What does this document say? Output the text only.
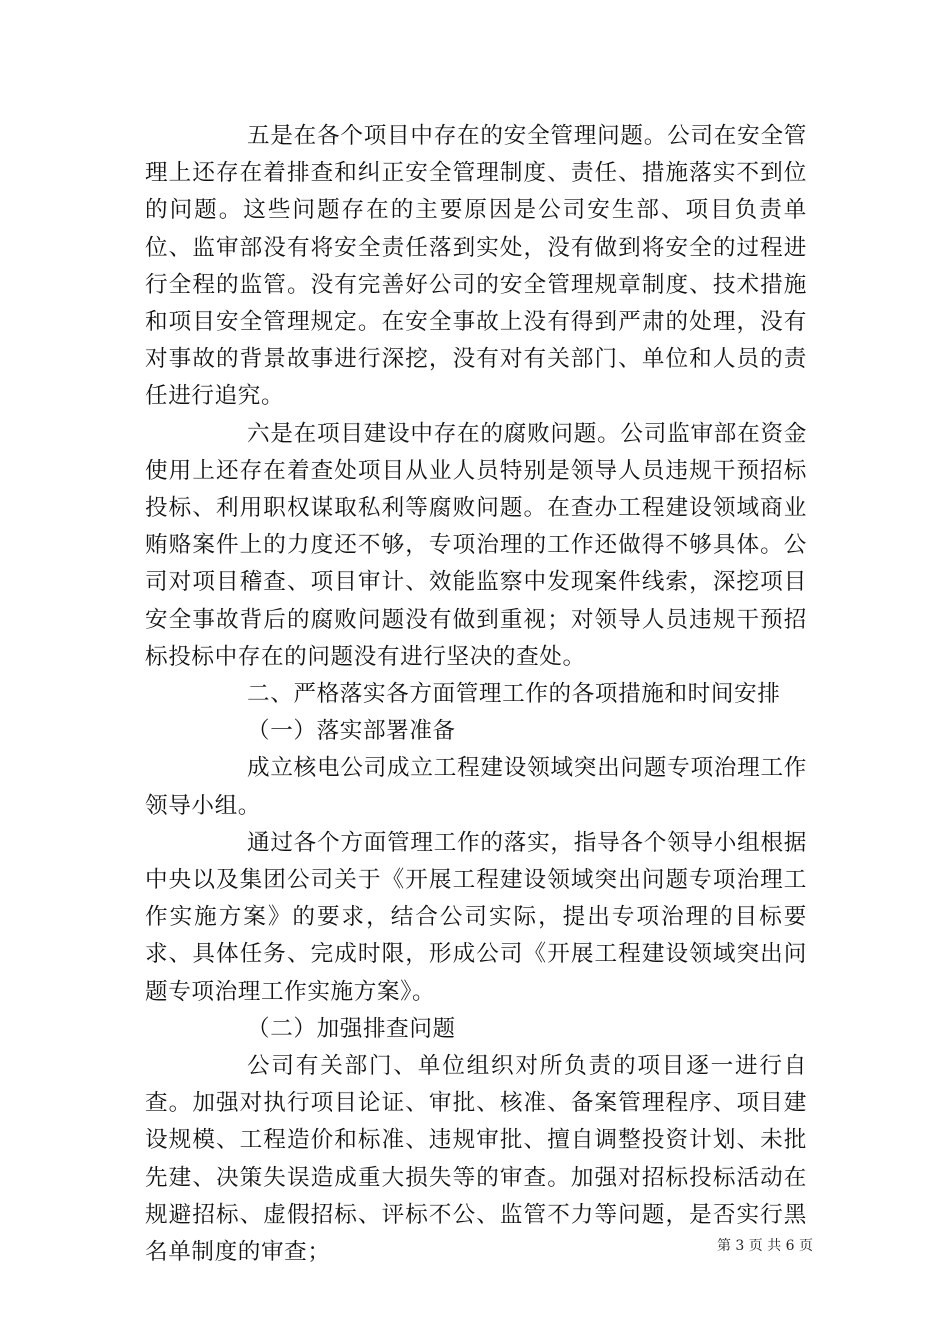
五是在各个项目中存在的安全管理问题。公司在安全管理上还存在着排查和纠正安全管理制度、责任、措施落实不到位的问题。这些问题存在的主要原因是公司安生部、项目负责单位、监审部没有将安全责任落到实处，没有做到将安全的过程进行全程的监管。没有完善好公司的安全管理规章制度、技术措施和项目安全管理规定。在安全事故上没有得到严肃的处理，没有对事故的背景故事进行深挖，没有对有关部门、单位和人员的责任进行追究。

六是在项目建设中存在的腐败问题。公司监审部在资金使用上还存在着查处项目从业人员特别是领导人员违规干预招标投标、利用职权谋取私利等腐败问题。在查办工程建设领域商业贿赂案件上的力度还不够，专项治理的工作还做得不够具体。公司对项目稽查、项目审计、效能监察中发现案件线索，深挖项目安全事故背后的腐败问题没有做到重视；对领导人员违规干预招标投标中存在的问题没有进行坚决的查处。

二、严格落实各方面管理工作的各项措施和时间安排

（一）落实部署准备

成立核电公司成立工程建设领域突出问题专项治理工作领导小组。

通过各个方面管理工作的落实，指导各个领导小组根据中央以及集团公司关于《开展工程建设领域突出问题专项治理工作实施方案》的要求，结合公司实际，提出专项治理的目标要求、具体任务、完成时限，形成公司《开展工程建设领域突出问题专项治理工作实施方案》。

（二）加强排查问题

公司有关部门、单位组织对所负责的项目逐一进行自查。加强对执行项目论证、审批、核准、备案管理程序、项目建设规模、工程造价和标准、违规审批、擅自调整投资计划、未批先建、决策失误造成重大损失等的审查。加强对招标投标活动在规避招标、虚假招标、评标不公、监管不力等问题，是否实行黑名单制度的审查；	第 3 页 共 6 页
